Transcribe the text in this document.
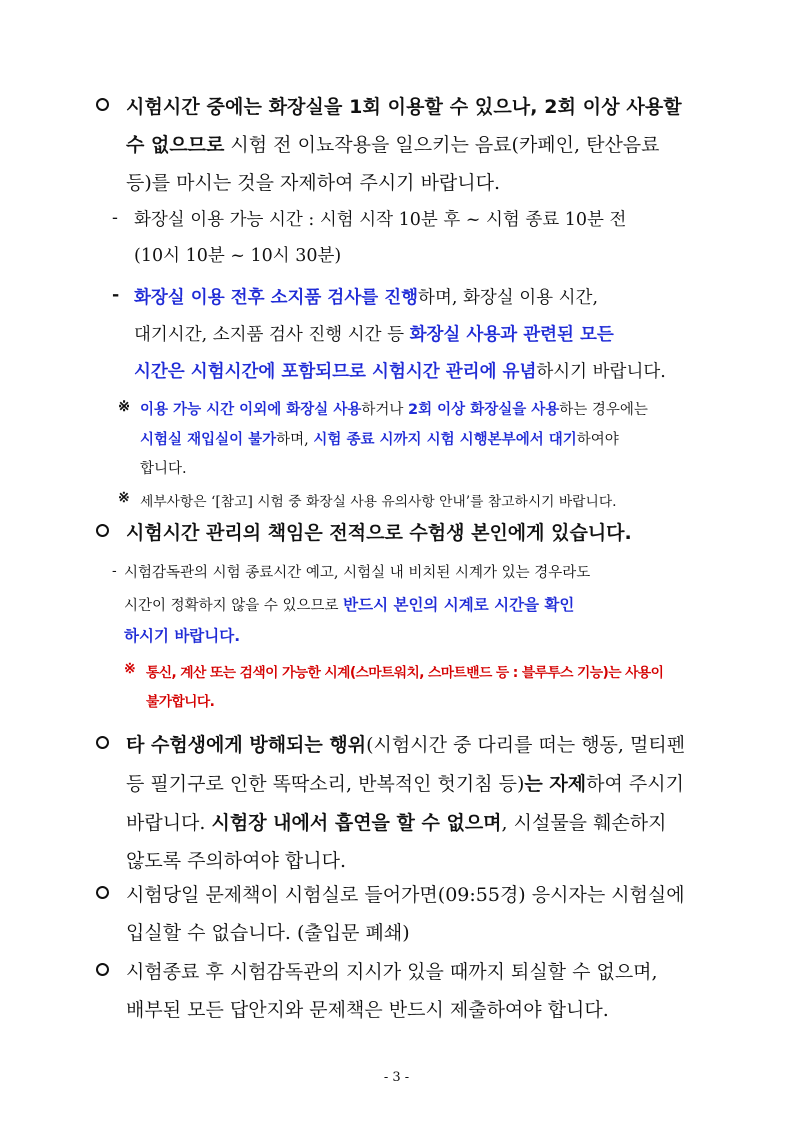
시험시간 중에는 화장실을 1회 이용할 수 있으나, 2회 이상 사용할
수 없으므로 시험 전 이뇨작용을 일으키는 음료(카페인, 탄산음료
등)를 마시는 것을 자제하여 주시기 바랍니다.
- 화장실 이용 가능 시간 : 시험 시작 10분 후 ~ 시험 종료 10분 전
(10시 10분 ~ 10시 30분)
- 화장실 이용 전후 소지품 검사를 진행하며, 화장실 이용 시간,
대기시간, 소지품 검사 진행 시간 등 화장실 사용과 관련된 모든
시간은 시험시간에 포함되므로 시험시간 관리에 유념하시기 바랍니다.
※ 이용 가능 시간 이외에 화장실 사용하거나 2회 이상 화장실을 사용하는 경우에는
시험실 재입실이 불가하며, 시험 종료 시까지 시험 시행본부에서 대기하여야
합니다.
※ 세부사항은 ‘[참고] 시험 중 화장실 사용 유의사항 안내’를 참고하시기 바랍니다.
시험시간 관리의 책임은 전적으로 수험생 본인에게 있습니다.
- 시험감독관의 시험 종료시간 예고, 시험실 내 비치된 시계가 있는 경우라도
시간이 정확하지 않을 수 있으므로 반드시 본인의 시계로 시간을 확인
하시기 바랍니다.
※ 통신, 계산 또는 검색이 가능한 시계(스마트워치, 스마트밴드 등 : 블루투스 기능)는 사용이
불가합니다.
타 수험생에게 방해되는 행위(시험시간 중 다리를 떠는 행동, 멀티펜
등 필기구로 인한 똑딱소리, 반복적인 헛기침 등)는 자제하여 주시기
바랍니다. 시험장 내에서 흡연을 할 수 없으며, 시설물을 훼손하지
않도록 주의하여야 합니다.
시험당일 문제책이 시험실로 들어가면(09:55경) 응시자는 시험실에
입실할 수 없습니다. (출입문 폐쇄)
시험종료 후 시험감독관의 지시가 있을 때까지 퇴실할 수 없으며,
배부된 모든 답안지와 문제책은 반드시 제출하여야 합니다.
- 3 -
